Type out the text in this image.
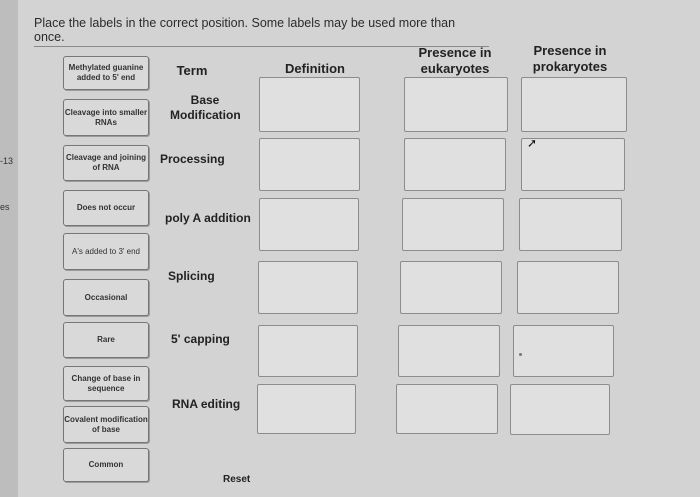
-13
es
Place the labels in the correct position. Some labels may be used more than once.
Term	Definition
Presence in eukaryotes
Presence in prokaryotes
Methylated guanine added to 5' end
Cleavage into smaller RNAs
Cleavage and joining of RNA
Does not occur
A's added to 3' end
Occasional
Rare
Change of base in sequence
Covalent modification of base
Common
Base Modification
Processing
poly A addition
Splicing
5' capping
RNA editing
➚
Reset
